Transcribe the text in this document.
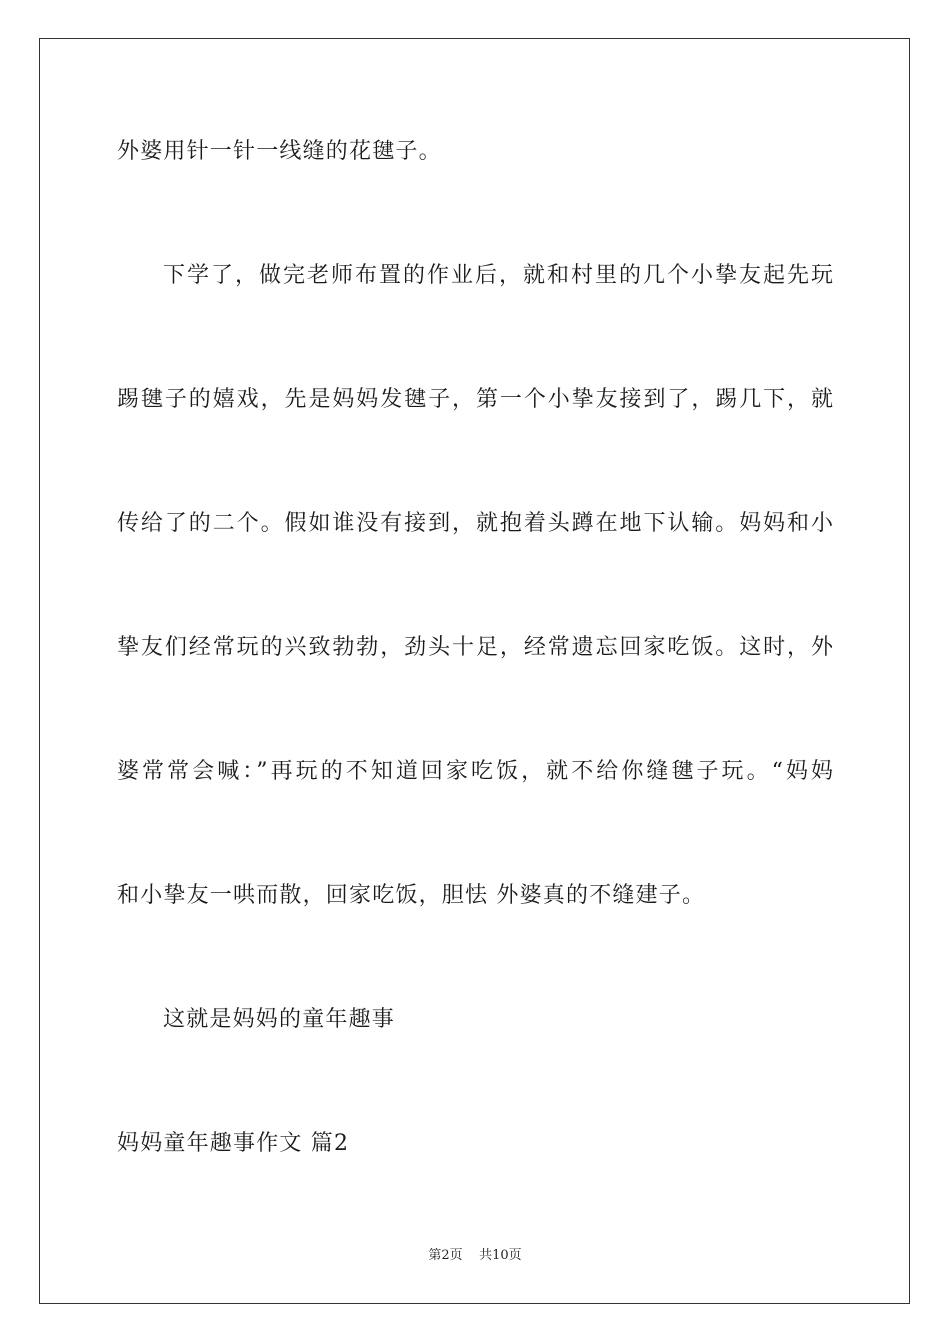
外婆用针一针一线缝的花毽子。
下学了，做完老师布置的作业后，就和村里的几个小挚友起先玩
踢毽子的嬉戏，先是妈妈发毽子，第一个小挚友接到了，踢几下，就
传给了的二个。假如谁没有接到，就抱着头蹲在地下认输。妈妈和小
挚友们经常玩的兴致勃勃，劲头十足，经常遗忘回家吃饭。这时，外
婆常常会喊：”再玩的不知道回家吃饭，就不给你缝毽子玩。“妈妈
和小挚友一哄而散，回家吃饭，胆怯 外婆真的不缝建子。
这就是妈妈的童年趣事
妈妈童年趣事作文 篇2
第2页 共10页
